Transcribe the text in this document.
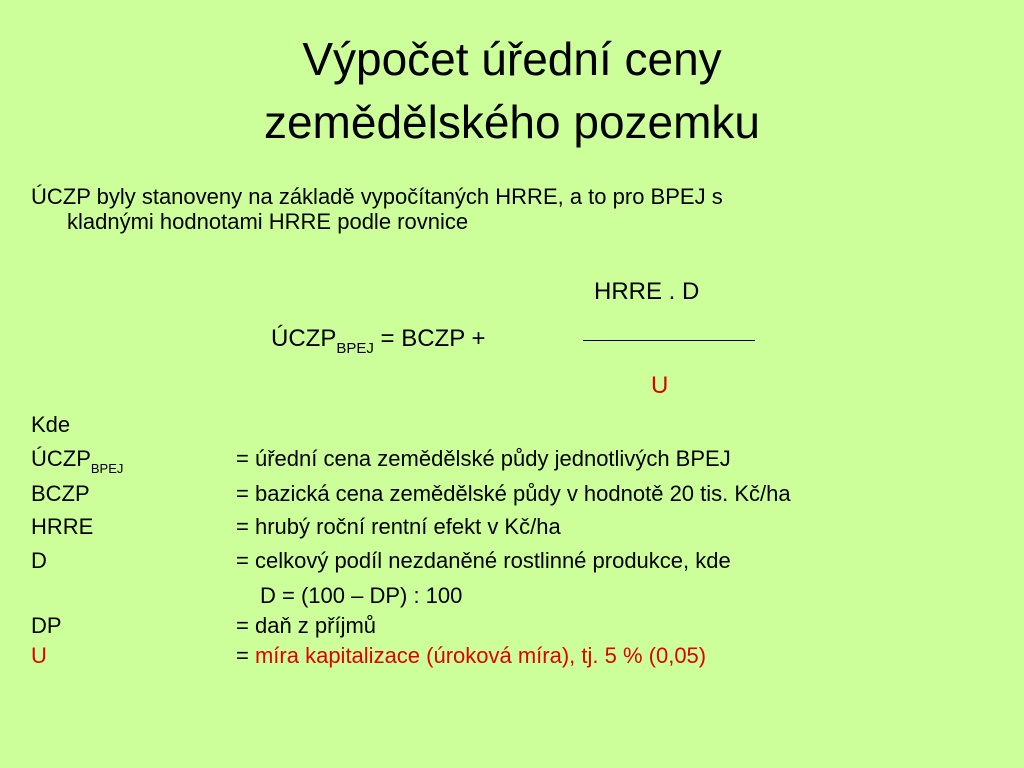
Výpočet úřední ceny
zemědělského pozemku
ÚCZP byly stanoveny na základě vypočítaných HRRE, a to pro BPEJ s
kladnými hodnotami HRRE podle rovnice
HRRE . D
$ÚCZP_{BPEJ}$ = BCZP +
U
Kde
$ÚCZP_{BPEJ}$	= úřední cena zemědělské půdy jednotlivých BPEJ
BCZP	= bazická cena zemědělské půdy v hodnotě 20 tis. Kč/ha
HRRE	= hrubý roční rentní efekt v Kč/ha
D	= celkový podíl nezdaněné rostlinné produkce, kde
D = (100 – DP) : 100
DP	= daň z příjmů
U	= míra kapitalizace (úroková míra), tj. 5 % (0,05)
